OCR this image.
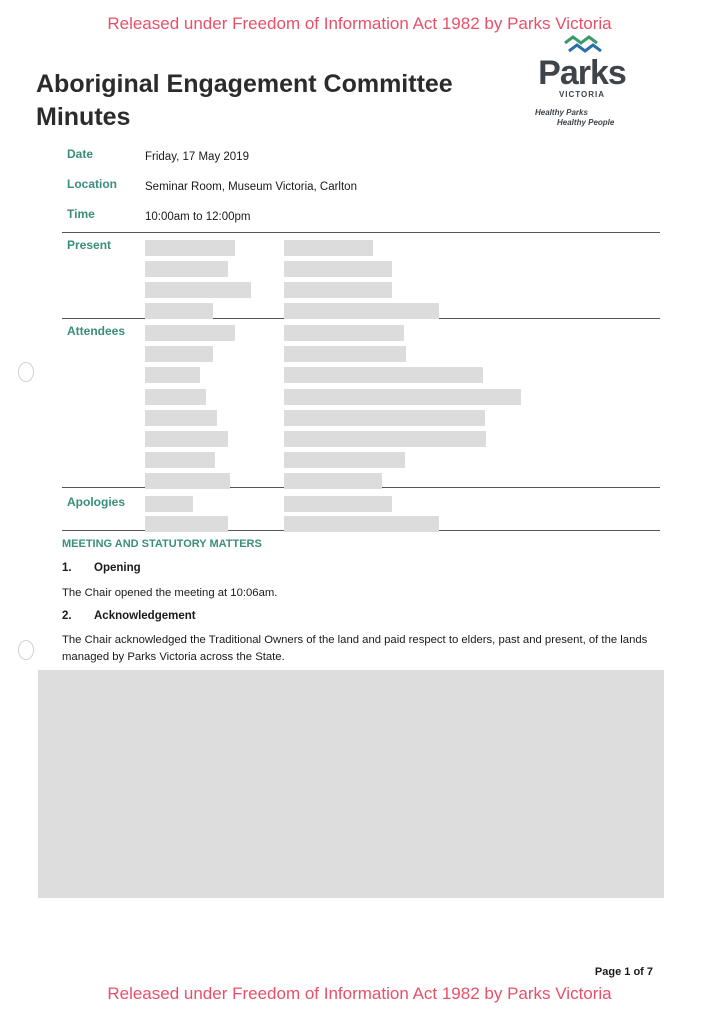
Released under Freedom of Information Act 1982 by Parks Victoria
Aboriginal Engagement Committee
Minutes
Parks
VICTORIA
Healthy Parks
Healthy People
Date	Friday, 17 May 2019
Location Seminar Room, Museum Victoria, Carlton
Time	10:00am to 12:00pm
Present
Attendees
Apologies
MEETING AND STATUTORY MATTERS
1. Opening
The Chair opened the meeting at 10:06am.
2. Acknowledgement
The Chair acknowledged the Traditional Owners of the land and paid respect to elders, past and present, of the lands managed by Parks Victoria across the State.
Page 1 of 7
Released under Freedom of Information Act 1982 by Parks Victoria
